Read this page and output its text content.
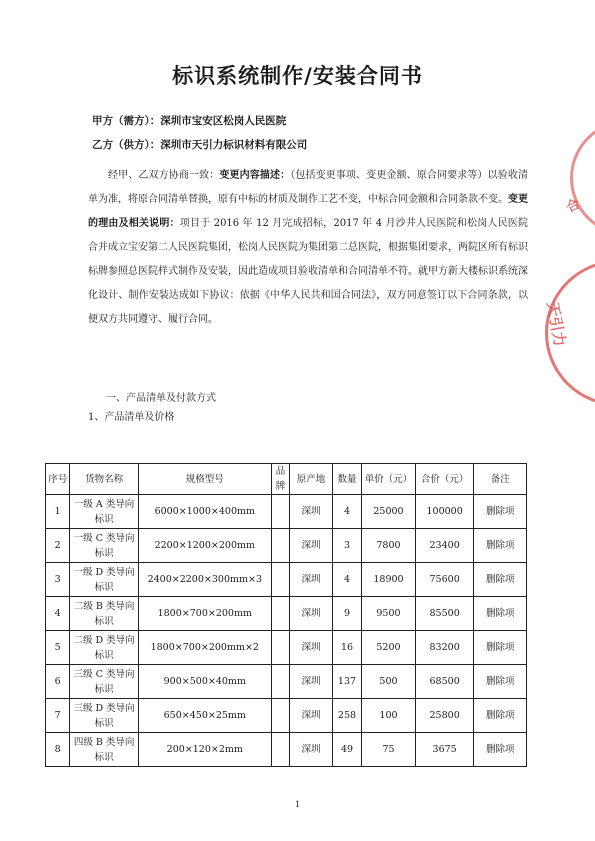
标识系统制作/安装合同书
甲方（需方）：深圳市宝安区松岗人民医院
乙方（供方）：深圳市天引力标识材料有限公司
经甲、乙双方协商一致：变更内容描述：（包括变更事项、变更金额、原合同要求等）以验收清单为准，将原合同清单替换，原有中标的材质及制作工艺不变，中标合同金额和合同条款不变。变更的理由及相关说明：项目于 2016 年 12 月完成招标，2017 年 4 月沙井人民医院和松岗人民医院合并成立宝安第二人民医院集团，松岗人民医院为集团第二总医院，根据集团要求，两院区所有标识标牌参照总医院样式制作及安装，因此造成项目验收清单和合同清单不符。就甲方新大楼标识系统深化设计、制作安装达成如下协议：依据《中华人民共和国合同法》，双方同意签订以下合同条款，以便双方共同遵守、履行合同。
一、产品清单及付款方式
1、产品清单及价格
序号	货物名称	规格型号	品牌	原产地	数量	单价（元）	合价（元）	备注
1	一级 A 类导向标识	6000×1000×400mm		深圳	4	25000	100000	删除项
2	一级 C 类导向标识	2200×1200×200mm		深圳	3	7800	23400	删除项
3	一级 D 类导向标识	2400×2200×300mm×3		深圳	4	18900	75600	删除项
4	二级 B 类导向标识	1800×700×200mm		深圳	9	9500	85500	删除项
5	二级 D 类导向标识	1800×700×200mm×2		深圳	16	5200	83200	删除项
6	三级 C 类导向标识	900×500×40mm		深圳	137	500	68500	删除项
7	三级 D 类导向标识	650×450×25mm		深圳	258	100	25800	删除项
8	四级 B 类导向标识	200×120×2mm		深圳	49	75	3675	删除项
1
合
天引力
